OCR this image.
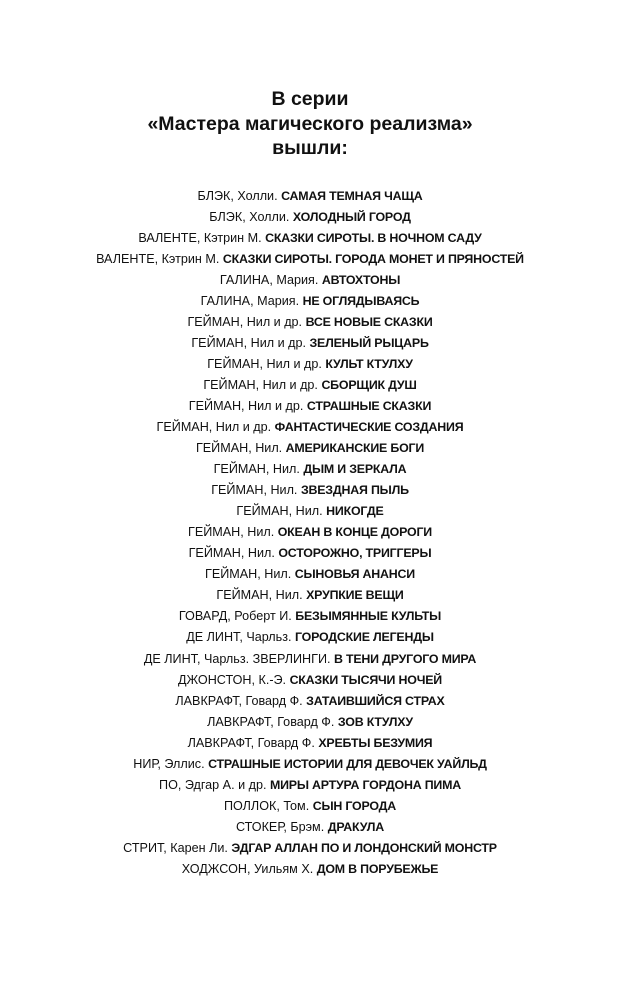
В серии
«Мастера магического реализма»
вышли:
БЛЭК, Холли. САМАЯ ТЕМНАЯ ЧАЩА
БЛЭК, Холли. ХОЛОДНЫЙ ГОРОД
ВАЛЕНТЕ, Кэтрин М. СКАЗКИ СИРОТЫ. В НОЧНОМ САДУ
ВАЛЕНТЕ, Кэтрин М. СКАЗКИ СИРОТЫ. ГОРОДА МОНЕТ И ПРЯНОСТЕЙ
ГАЛИНА, Мария. АВТОХТОНЫ
ГАЛИНА, Мария. НЕ ОГЛЯДЫВАЯСЬ
ГЕЙМАН, Нил и др. ВСЕ НОВЫЕ СКАЗКИ
ГЕЙМАН, Нил и др. ЗЕЛЕНЫЙ РЫЦАРЬ
ГЕЙМАН, Нил и др. КУЛЬТ КТУЛХУ
ГЕЙМАН, Нил и др. СБОРЩИК ДУШ
ГЕЙМАН, Нил и др. СТРАШНЫЕ СКАЗКИ
ГЕЙМАН, Нил и др. ФАНТАСТИЧЕСКИЕ СОЗДАНИЯ
ГЕЙМАН, Нил. АМЕРИКАНСКИЕ БОГИ
ГЕЙМАН, Нил. ДЫМ И ЗЕРКАЛА
ГЕЙМАН, Нил. ЗВЕЗДНАЯ ПЫЛЬ
ГЕЙМАН, Нил. НИКОГДЕ
ГЕЙМАН, Нил. ОКЕАН В КОНЦЕ ДОРОГИ
ГЕЙМАН, Нил. ОСТОРОЖНО, ТРИГГЕРЫ
ГЕЙМАН, Нил. СЫНОВЬЯ АНАНСИ
ГЕЙМАН, Нил. ХРУПКИЕ ВЕЩИ
ГОВАРД, Роберт И. БЕЗЫМЯННЫЕ КУЛЬТЫ
ДЕ ЛИНТ, Чарльз. ГОРОДСКИЕ ЛЕГЕНДЫ
ДЕ ЛИНТ, Чарльз. ЗВЕРЛИНГИ. В ТЕНИ ДРУГОГО МИРА
ДЖОНСТОН, К.-Э. СКАЗКИ ТЫСЯЧИ НОЧЕЙ
ЛАВКРАФТ, Говард Ф. ЗАТАИВШИЙСЯ СТРАХ
ЛАВКРАФТ, Говард Ф. ЗОВ КТУЛХУ
ЛАВКРАФТ, Говард Ф. ХРЕБТЫ БЕЗУМИЯ
НИР, Эллис. СТРАШНЫЕ ИСТОРИИ ДЛЯ ДЕВОЧЕК УАЙЛЬД
ПО, Эдгар А. и др. МИРЫ АРТУРА ГОРДОНА ПИМА
ПОЛЛОК, Том. СЫН ГОРОДА
СТОКЕР, Брэм. ДРАКУЛА
СТРИТ, Карен Ли. ЭДГАР АЛЛАН ПО И ЛОНДОНСКИЙ МОНСТР
ХОДЖСОН, Уильям Х. ДОМ В ПОРУБЕЖЬЕ
